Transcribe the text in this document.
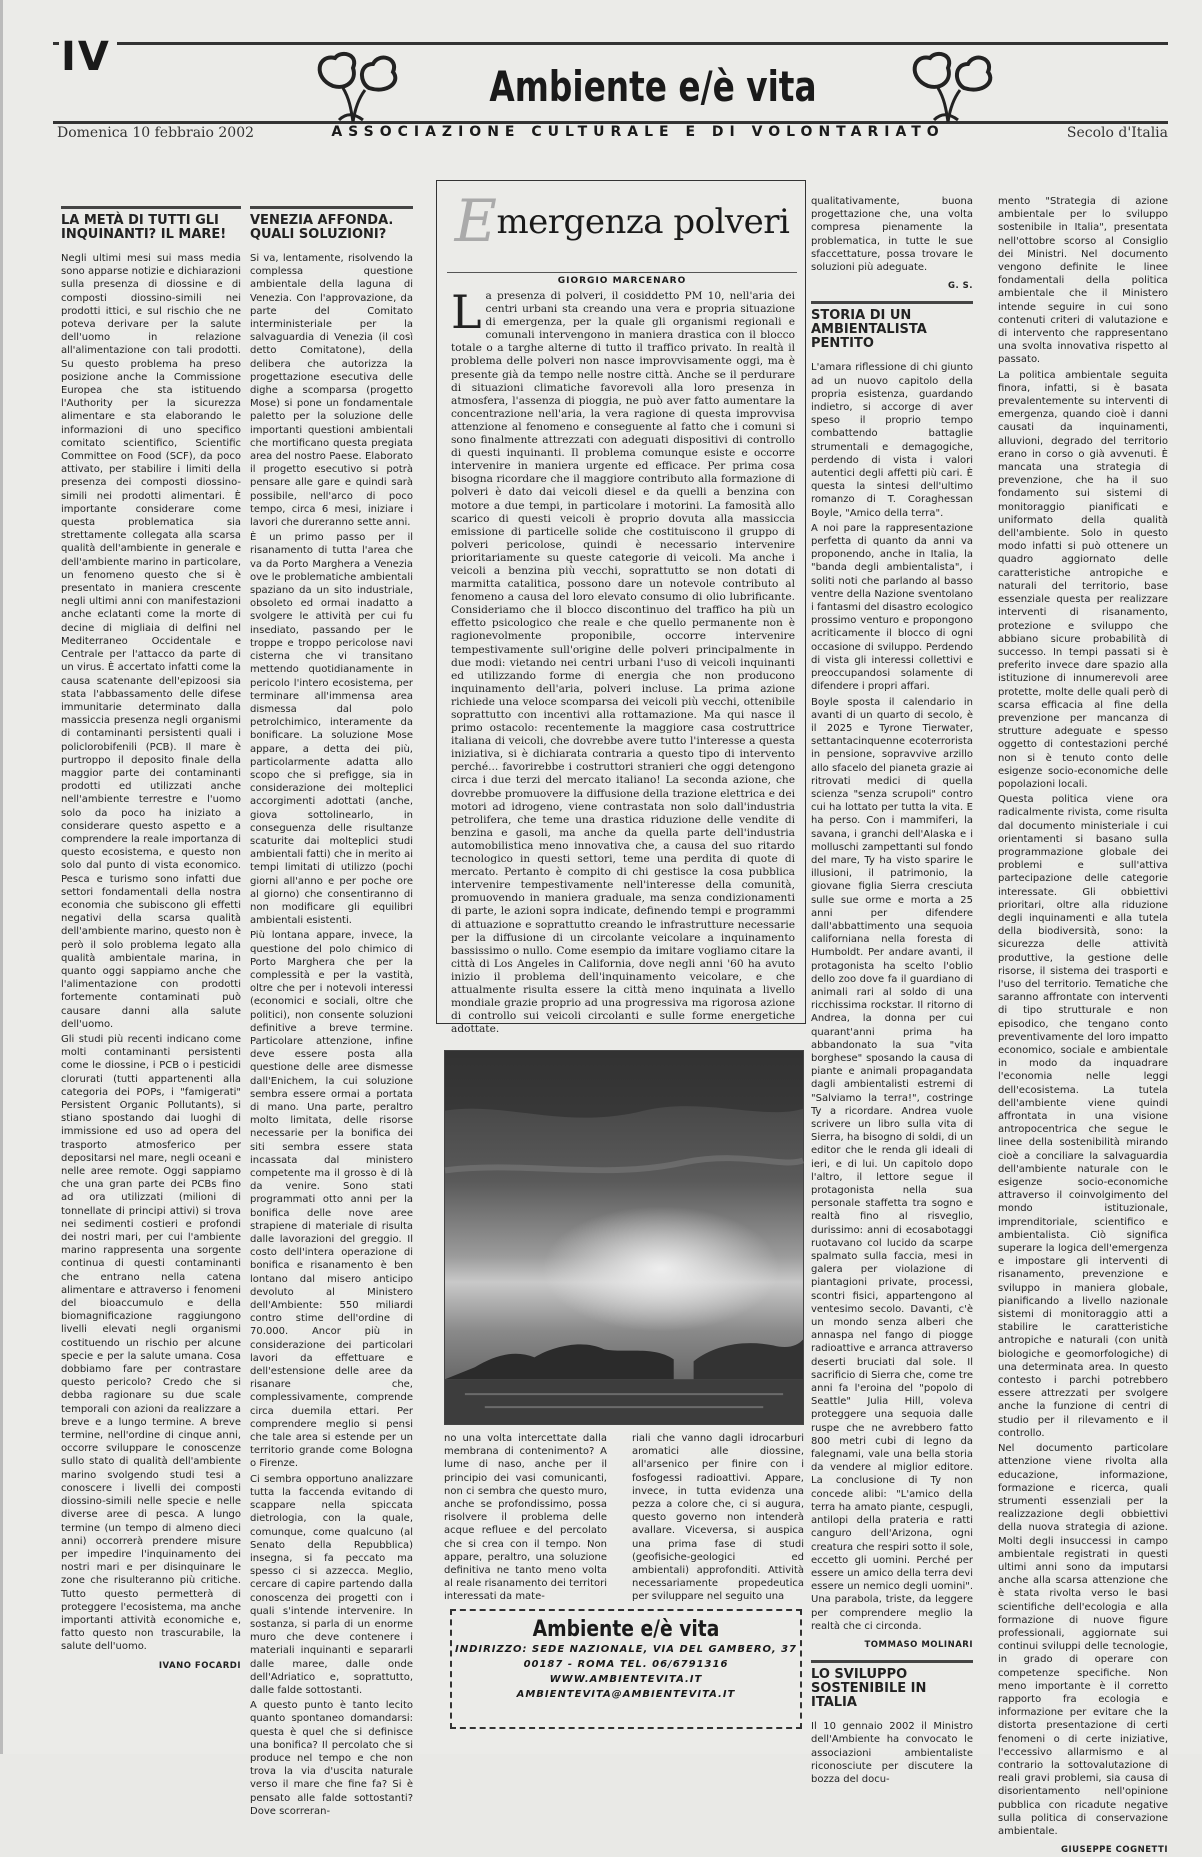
IV
Ambiente e/è vita
Domenica 10 febbraio 2002	ASSOCIAZIONE CULTURALE E DI VOLONTARIATO	Secolo d'Italia
LA METÀ DI TUTTI GLI INQUINANTI? IL MARE!

Negli ultimi mesi sui mass media sono apparse notizie e dichiarazioni sulla presenza di diossine e di composti diossino-simili nei prodotti ittici, e sul rischio che ne poteva derivare per la salute dell'uomo in relazione all'alimentazione con tali prodotti. Su questo problema ha preso posizione anche la Commissione Europea che sta istituendo l'Authority per la sicurezza alimentare e sta elaborando le informazioni di uno specifico comitato scientifico, Scientific Committee on Food (SCF), da poco attivato, per stabilire i limiti della presenza dei composti diossino-simili nei prodotti alimentari. È importante considerare come questa problematica sia strettamente collegata alla scarsa qualità dell'ambiente in generale e dell'ambiente marino in particolare, un fenomeno questo che si è presentato in maniera crescente negli ultimi anni con manifestazioni anche eclatanti come la morte di decine di migliaia di delfini nel Mediterraneo Occidentale e Centrale per l'attacco da parte di un virus. È accertato infatti come la causa scatenante dell'epizoosi sia stata l'abbassamento delle difese immunitarie determinato dalla massiccia presenza negli organismi di contaminanti persistenti quali i policlorobifenili (PCB). Il mare è purtroppo il deposito finale della maggior parte dei contaminanti prodotti ed utilizzati anche nell'ambiente terrestre e l'uomo solo da poco ha iniziato a considerare questo aspetto e a comprendere la reale importanza di questo ecosistema, e questo non solo dal punto di vista economico. Pesca e turismo sono infatti due settori fondamentali della nostra economia che subiscono gli effetti negativi della scarsa qualità dell'ambiente marino, questo non è però il solo problema legato alla qualità ambientale marina, in quanto oggi sappiamo anche che l'alimentazione con prodotti fortemente contaminati può causare danni alla salute dell'uomo.

Gli studi più recenti indicano come molti contaminanti persistenti come le diossine, i PCB o i pesticidi clorurati (tutti appartenenti alla categoria dei POPs, i "famigerati" Persistent Organic Pollutants), si stiano spostando dai luoghi di immissione ed uso ad opera del trasporto atmosferico per depositarsi nel mare, negli oceani e nelle aree remote. Oggi sappiamo che una gran parte dei PCBs fino ad ora utilizzati (milioni di tonnellate di principi attivi) si trova nei sedimenti costieri e profondi dei nostri mari, per cui l'ambiente marino rappresenta una sorgente continua di questi contaminanti che entrano nella catena alimentare e attraverso i fenomeni del bioaccumulo e della biomagnificazione raggiungono livelli elevati negli organismi costituendo un rischio per alcune specie e per la salute umana. Cosa dobbiamo fare per contrastare questo pericolo? Credo che si debba ragionare su due scale temporali con azioni da realizzare a breve e a lungo termine. A breve termine, nell'ordine di cinque anni, occorre sviluppare le conoscenze sullo stato di qualità dell'ambiente marino svolgendo studi tesi a conoscere i livelli dei composti diossino-simili nelle specie e nelle diverse aree di pesca. A lungo termine (un tempo di almeno dieci anni) occorrerà prendere misure per impedire l'inquinamento dei nostri mari e per disinquinare le zone che risulteranno più critiche. Tutto questo permetterà di proteggere l'ecosistema, ma anche importanti attività economiche e, fatto questo non trascurabile, la salute dell'uomo.

IVANO FOCARDI
VENEZIA AFFONDA. QUALI SOLUZIONI?

Si va, lentamente, risolvendo la complessa questione ambientale della laguna di Venezia. Con l'approvazione, da parte del Comitato interministeriale per la salvaguardia di Venezia (il così detto Comitatone), della delibera che autorizza la progettazione esecutiva delle dighe a scomparsa (progetto Mose) si pone un fondamentale paletto per la soluzione delle importanti questioni ambientali che mortificano questa pregiata area del nostro Paese. Elaborato il progetto esecutivo si potrà pensare alle gare e quindi sarà possibile, nell'arco di poco tempo, circa 6 mesi, iniziare i lavori che dureranno sette anni.

È un primo passo per il risanamento di tutta l'area che va da Porto Marghera a Venezia ove le problematiche ambientali spaziano da un sito industriale, obsoleto ed ormai inadatto a svolgere le attività per cui fu insediato, passando per le troppe e troppo pericolose navi cisterna che vi transitano mettendo quotidianamente in pericolo l'intero ecosistema, per terminare all'immensa area dismessa dal polo petrolchimico, interamente da bonificare. La soluzione Mose appare, a detta dei più, particolarmente adatta allo scopo che si prefigge, sia in considerazione dei molteplici accorgimenti adottati (anche, giova sottolinearlo, in conseguenza delle risultanze scaturite dai molteplici studi ambientali fatti) che in merito ai tempi limitati di utilizzo (pochi giorni all'anno e per poche ore al giorno) che consentiranno di non modificare gli equilibri ambientali esistenti.

Più lontana appare, invece, la questione del polo chimico di Porto Marghera che per la complessità e per la vastità, oltre che per i notevoli interessi (economici e sociali, oltre che politici), non consente soluzioni definitive a breve termine. Particolare attenzione, infine deve essere posta alla questione delle aree dismesse dall'Enichem, la cui soluzione sembra essere ormai a portata di mano. Una parte, peraltro molto limitata, delle risorse necessarie per la bonifica dei siti sembra essere stata incassata dal ministero competente ma il grosso è di là da venire. Sono stati programmati otto anni per la bonifica delle nove aree strapiene di materiale di risulta dalle lavorazioni del greggio. Il costo dell'intera operazione di bonifica e risanamento è ben lontano dal misero anticipo devoluto al Ministero dell'Ambiente: 550 miliardi contro stime dell'ordine di 70.000. Ancor più in considerazione dei particolari lavori da effettuare e dell'estensione delle aree da risanare che, complessivamente, comprende circa duemila ettari. Per comprendere meglio si pensi che tale area si estende per un territorio grande come Bologna o Firenze.

Ci sembra opportuno analizzare tutta la faccenda evitando di scappare nella spiccata dietrologia, con la quale, comunque, come qualcuno (al Senato della Repubblica) insegna, si fa peccato ma spesso ci si azzecca. Meglio, cercare di capire partendo dalla conoscenza dei progetti con i quali s'intende intervenire. In sostanza, si parla di un enorme muro che deve contenere i materiali inquinanti e separarli dalle maree, dalle onde dell'Adriatico e, soprattutto, dalle falde sottostanti.

A questo punto è tanto lecito quanto spontaneo domandarsi: questa è quel che si definisce una bonifica? Il percolato che si produce nel tempo e che non trova la via d'uscita naturale verso il mare che fine fa? Si è pensato alle falde sottostanti? Dove scorreran-

Emergenza polveri
GIORGIO MARCENARO
L a presenza di polveri, il cosiddetto PM 10, nell'aria dei centri urbani sta creando una vera e propria situazione di emergenza, per la quale gli organismi regionali e comunali intervengono in maniera drastica con il blocco totale o a targhe alterne di tutto il traffico privato. In realtà il problema delle polveri non nasce improvvisamente oggi, ma è presente già da tempo nelle nostre città. Anche se il perdurare di situazioni climatiche favorevoli alla loro presenza in atmosfera, l'assenza di pioggia, ne può aver fatto aumentare la concentrazione nell'aria, la vera ragione di questa improvvisa attenzione al fenomeno e conseguente al fatto che i comuni si sono finalmente attrezzati con adeguati dispositivi di controllo di questi inquinanti. Il problema comunque esiste e occorre intervenire in maniera urgente ed efficace. Per prima cosa bisogna ricordare che il maggiore contributo alla formazione di polveri è dato dai veicoli diesel e da quelli a benzina con motore a due tempi, in particolare i motorini. La famosità allo scarico di questi veicoli è proprio dovuta alla massiccia emissione di particelle solide che costituiscono il gruppo di polveri pericolose, quindi è necessario intervenire prioritariamente su queste categorie di veicoli. Ma anche i veicoli a benzina più vecchi, soprattutto se non dotati di marmitta catalitica, possono dare un notevole contributo al fenomeno a causa del loro elevato consumo di olio lubrificante. Consideriamo che il blocco discontinuo del traffico ha più un effetto psicologico che reale e che quello permanente non è ragionevolmente proponibile, occorre intervenire tempestivamente sull'origine delle polveri principalmente in due modi: vietando nei centri urbani l'uso di veicoli inquinanti ed utilizzando forme di energia che non producono inquinamento dell'aria, polveri incluse. La prima azione richiede una veloce scomparsa dei veicoli più vecchi, ottenibile soprattutto con incentivi alla rottamazione. Ma qui nasce il primo ostacolo: recentemente la maggiore casa costruttrice italiana di veicoli, che dovrebbe avere tutto l'interesse a questa iniziativa, si è dichiarata contraria a questo tipo di intervento perché... favorirebbe i costruttori stranieri che oggi detengono circa i due terzi del mercato italiano! La seconda azione, che dovrebbe promuovere la diffusione della trazione elettrica e dei motori ad idrogeno, viene contrastata non solo dall'industria petrolifera, che teme una drastica riduzione delle vendite di benzina e gasoli, ma anche da quella parte dell'industria automobilistica meno innovativa che, a causa del suo ritardo tecnologico in questi settori, teme una perdita di quote di mercato. Pertanto è compito di chi gestisce la cosa pubblica intervenire tempestivamente nell'interesse della comunità, promuovendo in maniera graduale, ma senza condizionamenti di parte, le azioni sopra indicate, definendo tempi e programmi di attuazione e soprattutto creando le infrastrutture necessarie per la diffusione di un circolante veicolare a inquinamento bassissimo o nullo. Come esempio da imitare vogliamo citare la città di Los Angeles in California, dove negli anni '60 ha avuto inizio il problema dell'inquinamento veicolare, e che attualmente risulta essere la città meno inquinata a livello mondiale grazie proprio ad una progressiva ma rigorosa azione di controllo sui veicoli circolanti e sulle forme energetiche adottate.

no una volta intercettate dalla membrana di contenimento? A lume di naso, anche per il principio dei vasi comunicanti, non ci sembra che questo muro, anche se profondissimo, possa risolvere il problema delle acque refluee e del percolato che si crea con il tempo. Non appare, peraltro, una soluzione definitiva ne tanto meno volta al reale risanamento dei territori interessati da mate-

riali che vanno dagli idrocarburi aromatici alle diossine, all'arsenico per finire con i fosfogessi radioattivi. Appare, invece, in tutta evidenza una pezza a colore che, ci si augura, questo governo non intenderà avallare. Viceversa, si auspica una prima fase di studi (geofisiche-geologici ed ambientali) approfonditi. Attività necessariamente propedeutica per sviluppare nel seguito una

Ambiente e/è vita
INDIRIZZO: SEDE NAZIONALE, VIA DEL GAMBERO, 37
00187 - ROMA TEL. 06/6791316
WWW.AMBIENTEVITA.IT
AMBIENTEVITA@AMBIENTEVITA.IT

qualitativamente, buona progettazione che, una volta compresa pienamente la problematica, in tutte le sue sfaccettature, possa trovare le soluzioni più adeguate.

G. S.
STORIA DI UN AMBIENTALISTA PENTITO

L'amara riflessione di chi giunto ad un nuovo capitolo della propria esistenza, guardando indietro, si accorge di aver speso il proprio tempo combattendo battaglie strumentali e demagogiche, perdendo di vista i valori autentici degli affetti più cari. È questa la sintesi dell'ultimo romanzo di T. Coraghessan Boyle, "Amico della terra".

A noi pare la rappresentazione perfetta di quanto da anni va proponendo, anche in Italia, la "banda degli ambientalista", i soliti noti che parlando al basso ventre della Nazione sventolano i fantasmi del disastro ecologico prossimo venturo e propongono acriticamente il blocco di ogni occasione di sviluppo. Perdendo di vista gli interessi collettivi e preoccupandosi solamente di difendere i propri affari.

Boyle sposta il calendario in avanti di un quarto di secolo, è il 2025 e Tyrone Tierwater, settantacinquenne ecoterrorista in pensione, sopravvive arzillo allo sfacelo del pianeta grazie ai ritrovati medici di quella scienza "senza scrupoli" contro cui ha lottato per tutta la vita. E ha perso. Con i mammiferi, la savana, i granchi dell'Alaska e i molluschi zampettanti sul fondo del mare, Ty ha visto sparire le illusioni, il patrimonio, la giovane figlia Sierra cresciuta sulle sue orme e morta a 25 anni per difendere dall'abbattimento una sequoia californiana nella foresta di Humboldt. Per andare avanti, il protagonista ha scelto l'oblio dello zoo dove fa il guardiano di animali rari al soldo di una ricchissima rockstar. Il ritorno di Andrea, la donna per cui quarant'anni prima ha abbandonato la sua "vita borghese" sposando la causa di piante e animali propagandata dagli ambientalisti estremi di "Salviamo la terra!", costringe Ty a ricordare. Andrea vuole scrivere un libro sulla vita di Sierra, ha bisogno di soldi, di un editor che le renda gli ideali di ieri, e di lui. Un capitolo dopo l'altro, il lettore segue il protagonista nella sua personale staffetta tra sogno e realtà fino al risveglio, durissimo: anni di ecosabotaggi ruotavano col lucido da scarpe spalmato sulla faccia, mesi in galera per violazione di piantagioni private, processi, scontri fisici, appartengono al ventesimo secolo. Davanti, c'è un mondo senza alberi che annaspa nel fango di piogge radioattive e arranca attraverso deserti bruciati dal sole. Il sacrificio di Sierra che, come tre anni fa l'eroina del "popolo di Seattle" Julia Hill, voleva proteggere una sequoia dalle ruspe che ne avrebbero fatto 800 metri cubi di legno da falegnami, vale una bella storia da vendere al miglior editore. La conclusione di Ty non concede alibi: "L'amico della terra ha amato piante, cespugli, antilopi della prateria e ratti canguro dell'Arizona, ogni creatura che respiri sotto il sole, eccetto gli uomini. Perché per essere un amico della terra devi essere un nemico degli uomini". Una parabola, triste, da leggere per comprendere meglio la realtà che ci circonda.

TOMMASO MOLINARI
LO SVILUPPO SOSTENIBILE IN ITALIA

Il 10 gennaio 2002 il Ministro dell'Ambiente ha convocato le associazioni ambientaliste riconosciute per discutere la bozza del docu-

mento "Strategia di azione ambientale per lo sviluppo sostenibile in Italia", presentata nell'ottobre scorso al Consiglio dei Ministri. Nel documento vengono definite le linee fondamentali della politica ambientale che il Ministero intende seguire in cui sono contenuti criteri di valutazione e di intervento che rappresentano una svolta innovativa rispetto al passato.

La politica ambientale seguita finora, infatti, si è basata prevalentemente su interventi di emergenza, quando cioè i danni causati da inquinamenti, alluvioni, degrado del territorio erano in corso o già avvenuti. È mancata una strategia di prevenzione, che ha il suo fondamento sui sistemi di monitoraggio pianificati e uniformato della qualità dell'ambiente. Solo in questo modo infatti si può ottenere un quadro aggiornato delle caratteristiche antropiche e naturali del territorio, base essenziale questa per realizzare interventi di risanamento, protezione e sviluppo che abbiano sicure probabilità di successo. In tempi passati si è preferito invece dare spazio alla istituzione di innumerevoli aree protette, molte delle quali però di scarsa efficacia al fine della prevenzione per mancanza di strutture adeguate e spesso oggetto di contestazioni perché non si è tenuto conto delle esigenze socio-economiche delle popolazioni locali.

Questa politica viene ora radicalmente rivista, come risulta dal documento ministeriale i cui orientamenti si basano sulla programmazione globale dei problemi e sull'attiva partecipazione delle categorie interessate. Gli obbiettivi prioritari, oltre alla riduzione degli inquinamenti e alla tutela della biodiversità, sono: la sicurezza delle attività produttive, la gestione delle risorse, il sistema dei trasporti e l'uso del territorio. Tematiche che saranno affrontate con interventi di tipo strutturale e non episodico, che tengano conto preventivamente del loro impatto economico, sociale e ambientale in modo da inquadrare l'economia nelle leggi dell'ecosistema. La tutela dell'ambiente viene quindi affrontata in una visione antropocentrica che segue le linee della sostenibilità mirando cioè a conciliare la salvaguardia dell'ambiente naturale con le esigenze socio-economiche attraverso il coinvolgimento del mondo istituzionale, imprenditoriale, scientifico e ambientalista. Ciò significa superare la logica dell'emergenza e impostare gli interventi di risanamento, prevenzione e sviluppo in maniera globale, pianificando a livello nazionale sistemi di monitoraggio atti a stabilire le caratteristiche antropiche e naturali (con unità biologiche e geomorfologiche) di una determinata area. In questo contesto i parchi potrebbero essere attrezzati per svolgere anche la funzione di centri di studio per il rilevamento e il controllo.

Nel documento particolare attenzione viene rivolta alla educazione, informazione, formazione e ricerca, quali strumenti essenziali per la realizzazione degli obbiettivi della nuova strategia di azione. Molti degli insuccessi in campo ambientale registrati in questi ultimi anni sono da imputarsi anche alla scarsa attenzione che è stata rivolta verso le basi scientifiche dell'ecologia e alla formazione di nuove figure professionali, aggiornate sui continui sviluppi delle tecnologie, in grado di operare con competenze specifiche. Non meno importante è il corretto rapporto fra ecologia e informazione per evitare che la distorta presentazione di certi fenomeni o di certe iniziative, l'eccessivo allarmismo e al contrario la sottovalutazione di reali gravi problemi, sia causa di disorientamento nell'opinione pubblica con ricadute negative sulla politica di conservazione ambientale.

GIUSEPPE COGNETTI
